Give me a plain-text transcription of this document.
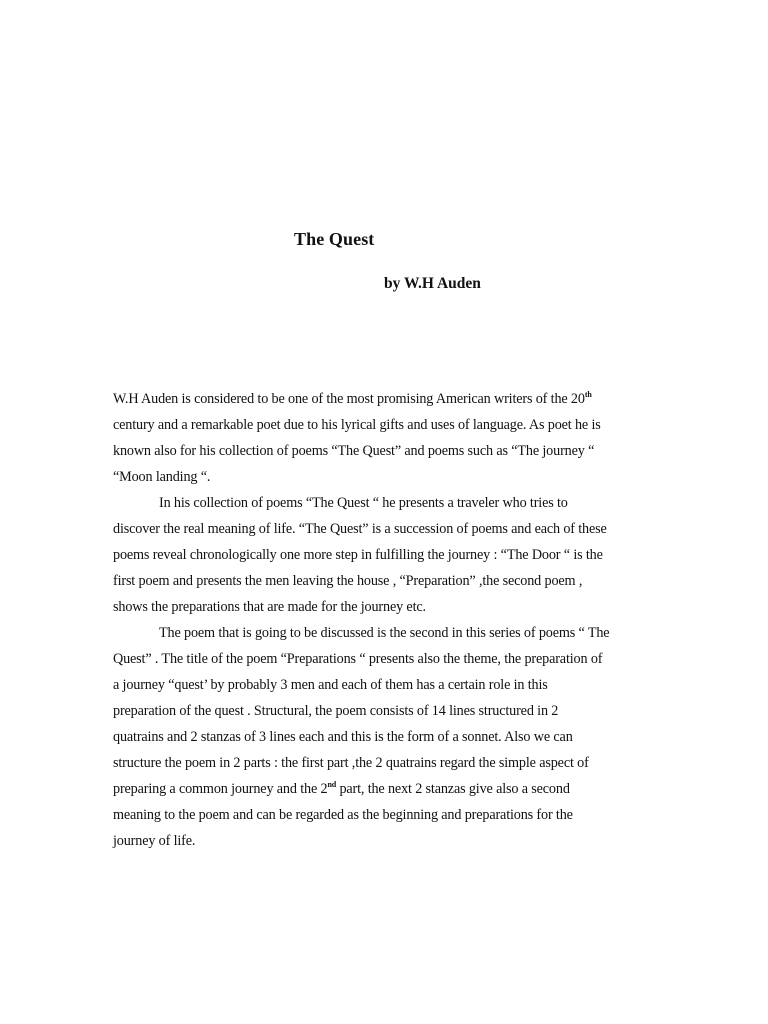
The Quest
by W.H Auden
W.H Auden is considered to be one of the most promising American writers of the 20th
century and a remarkable poet due to his lyrical gifts and uses of language. As poet he is
known also for his collection of poems “The Quest” and poems such as “The journey “
“Moon landing “.
In his collection of poems “The Quest “ he presents a traveler who tries to
discover the real meaning of life. “The Quest” is a succession of poems and each of these
poems reveal chronologically one more step in fulfilling the journey : “The Door “ is the
first poem and presents the men leaving the house , “Preparation” ,the second poem ,
shows the preparations that are made for the journey etc.
The poem that is going to be discussed is the second in this series of poems “ The
Quest” . The title of the poem “Preparations “ presents also the theme, the preparation of
a journey “quest’ by probably 3 men and each of them has a certain role in this
preparation of the quest . Structural, the poem consists of 14 lines structured in 2
quatrains and 2 stanzas of 3 lines each and this is the form of a sonnet. Also we can
structure the poem in 2 parts : the first part ,the 2 quatrains regard the simple aspect of
preparing a common journey and the 2nd part, the next 2 stanzas give also a second
meaning to the poem and can be regarded as the beginning and preparations for the
journey of life.
